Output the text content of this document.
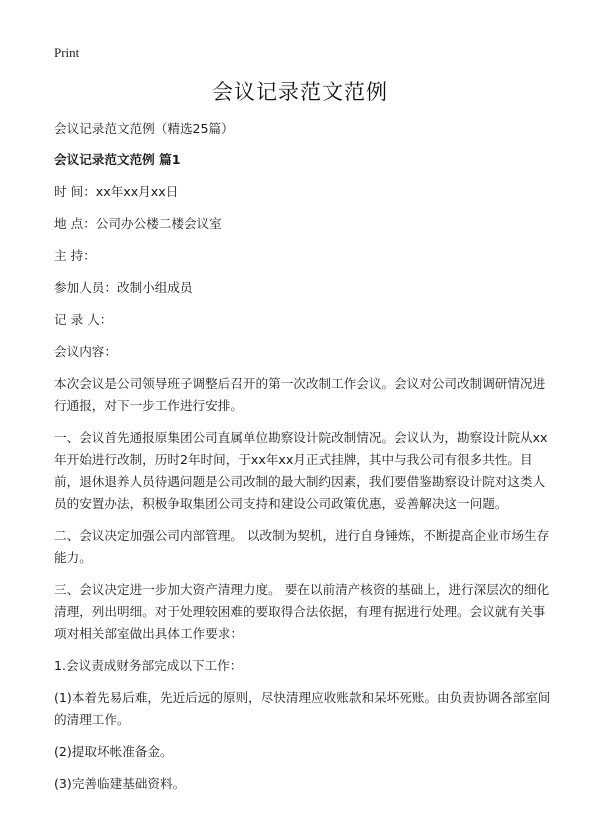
Print
会议记录范文范例

会议记录范文范例（精选25篇）

会议记录范文范例 篇1

时 间：xx年xx月xx日

地 点：公司办公楼二楼会议室

主 持：

参加人员：改制小组成员

记 录 人：

会议内容：

本次会议是公司领导班子调整后召开的第一次改制工作会议。会议对公司改制调研情况进行通报，对下一步工作进行安排。

一、会议首先通报原集团公司直属单位勘察设计院改制情况。会议认为，勘察设计院从xx年开始进行改制，历时2年时间，于xx年xx月正式挂牌，其中与我公司有很多共性。目前，退休退养人员待遇问题是公司改制的最大制约因素，我们要借鉴勘察设计院对这类人员的安置办法，积极争取集团公司支持和建设公司政策优惠，妥善解决这一问题。

二、会议决定加强公司内部管理。 以改制为契机，进行自身锤炼，不断提高企业市场生存能力。

三、会议决定进一步加大资产清理力度。 要在以前清产核资的基础上，进行深层次的细化清理，列出明细。对于处理较困难的要取得合法依据，有理有据进行处理。会议就有关事项对相关部室做出具体工作要求：

1.会议责成财务部完成以下工作：

(1)本着先易后难，先近后远的原则，尽快清理应收账款和呆坏死账。由负责协调各部室间的清理工作。

(2)提取坏帐准备金。

(3)完善临建基础资料。
